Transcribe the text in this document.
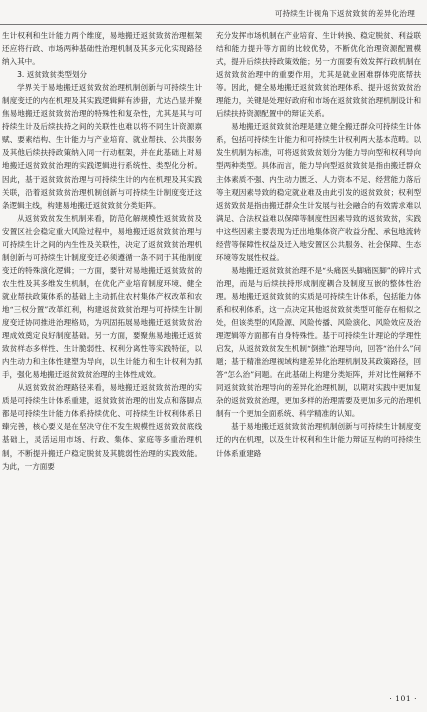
可持续生计视角下返贫致贫的差异化治理

生计权利和生计能力两个维度，易地搬迁返贫致贫治理框架还应将行政、市场两种基础性治理机制及其多元化实现路径纳入其中。

3. 返贫致贫类型划分

学界关于易地搬迁返贫致贫治理机制创新与可持续生计制度变迁的内在机理及其实践逻辑鲜有涉猎，尤达凸显并聚焦易地搬迁返贫致贫治理的特殊性和复杂性，尤其是其与可持续生计及后续扶持之间的关联性也难以将不同生计资源禀赋、要素结构、生计能力与产业培育、就业帮扶、公共服务及其他后续扶持政策纳入同一行动框架，并在此基础上对易地搬迁返贫致贫治理的实践逻辑进行系统性、类型化分析。因此，基于返贫致贫治理与可持续生计的内在机理及其实践关联，沿着返贫致贫治理机制创新与可持续生计制度变迁这条逻辑主线，构建易地搬迁返贫致贫分类矩阵。

从返贫致贫发生机制来看，防范化解规模性返贫致贫及安置区社会稳定重大风险过程中，易地搬迁返贫致贫治理与可持续生计之间的内生性及关联性，决定了返贫致贫治理机制创新与可持续生计制度变迁必须遵循一条不同于其他制度变迁的特殊演化逻辑；一方面，要针对易地搬迁返贫致贫的农生性及其多维发生机制，在优化产业培育制度环境、健全就业帮扶政策体系的基础上主动抓住农村集体产权改革和农地“三权分置”改革红利，构建返贫致贫治理与可持续生计制度变迁协同推进治理格局，为巩固拓展易地搬迁返贫致贫治理成效奠定良好制度基础。另一方面，要聚焦易地搬迁返贫致贫样态多样性、生计脆弱性、权利分离性等实践特征，以内生动力和主体性建塑为导向，以生计能力和生计权利为抓手，强化易地搬迁返贫致贫治理的主体性成效。

从返贫致贫治理路径来看，易地搬迁返贫致贫治理的实质是可持续生计体系重建，返贫致贫治理的出发点和落脚点都是可持续生计能力体系持续优化、可持续生计权利体系日臻完善，核心要义是在坚决守住不发生规模性返贫致贫底线基础上，灵活运用市场、行政、集体、家庭等多重治理机制，不断提升搬迁户稳定脱贫及其脆弱性治理的实践效能。为此，一方面要

充分发挥市场机制在产业培育、生计转换、稳定脱贫、利益联结和能力提升等方面的比较优势，不断优化治理资源配置模式，提升后续扶持政策效能；另一方面要有效发挥行政机制在返贫致贫治理中的重要作用，尤其是就业困难群体兜底帮扶等。因此，健全易地搬迁返贫致贫治理体系、提升返贫致贫治理能力，关键是处理好政府和市场在返贫致贫治理机制设计和后续扶持资源配置中的辩证关系。

易地搬迁返贫致贫治理是建立健全搬迁群众可持续生计体系，包括可持续生计能力和可持续生计权利两大基本范畴。以发生机制为标准，可将返贫致贫划分为能力导向型和权利导向型两种类型。具体而言，能力导向型返贫致贫是指由搬迁群众主体素质不强、内生动力匮乏、人力资本不足、经营能力落后等主观因素导致的稳定就业难及由此引发的返贫致贫；权利型返贫致贫是指由搬迁群众生计发展与社会融合的有效需求难以满足、合法权益难以保障等制度性因素导致的返贫致贫，实践中这些因素主要表现为迁出地集体资产收益分配、承包地流转经营等保障性权益及迁入地安置区公共服务、社会保障、生态环境等发展性权益。

易地搬迁返贫致贫治理不是“头痛医头脚痛医脚”的碎片式治理，而是与后续扶持形成制度耦合及制度互嵌的整体性治理。易地搬迁返贫致贫的实质是可持续生计体系，包括能力体系和权利体系，这一点决定其他返贫致贫类型可能存在相似之处，但该类型的风险源、风险传播、风险演化、风险效应及治理逻辑等方面都有自身特殊性。基于可持续生计理论的学理性启发，从返贫致贫发生机制“倒推”治理导向，回答“治什么”问题；基于精准治理视域构建差异化治理机制及其政策路径，回答“怎么治”问题。在此基础上构建分类矩阵，并对比性阐释不同返贫致贫治理导向的差异化治理机制，以期对实践中更加复杂的返贫致贫治理，更加多样的治理需要及更加多元的治理机制有一个更加全面系统、科学精准的认知。

基于易地搬迁返贫致贫治理机制创新与可持续生计制度变迁的内在机理，以及生计权利和生计能力辩证互构的可持续生计体系重建路

· 101 ·
